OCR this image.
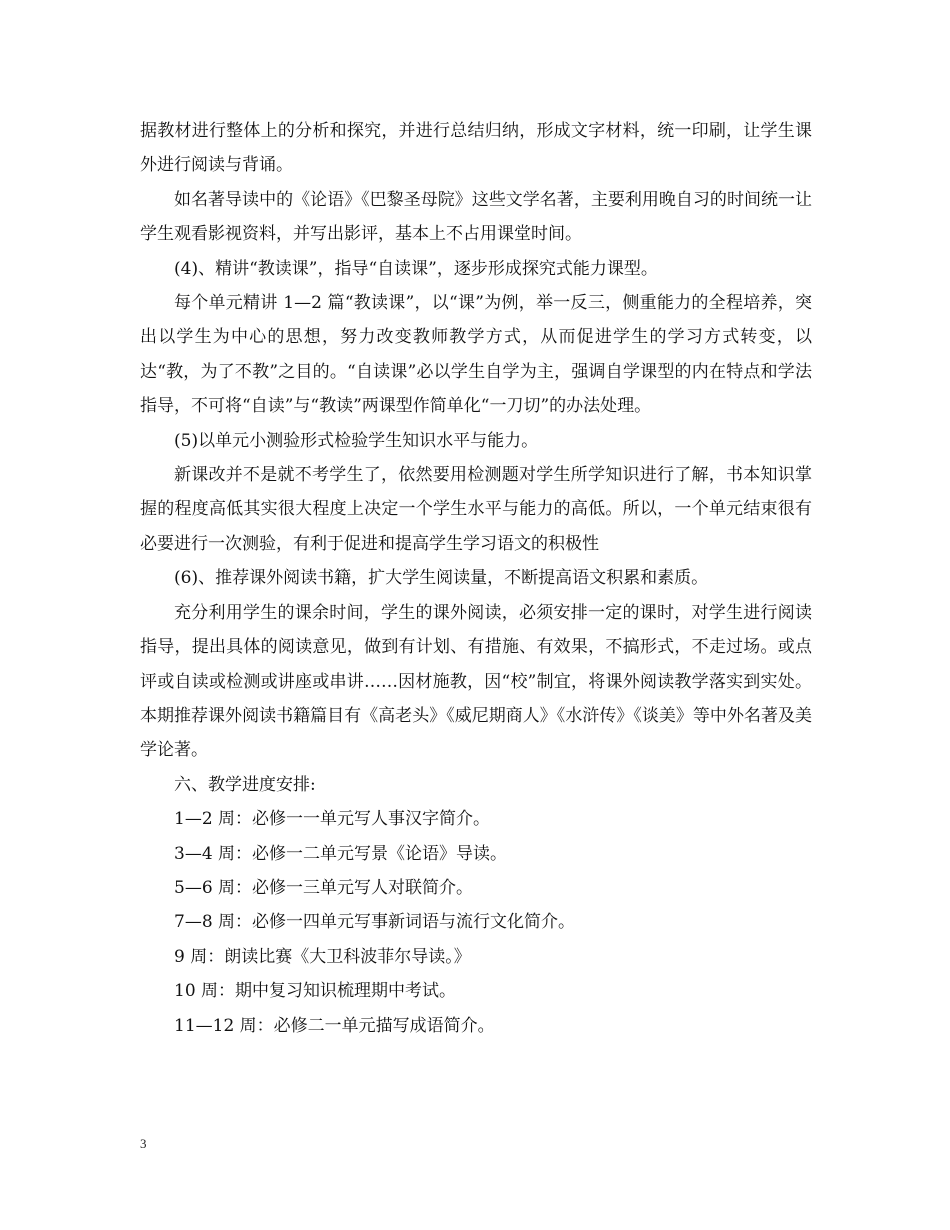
据教材进行整体上的分析和探究，并进行总结归纳，形成文字材料，统一印刷，让学生课外进行阅读与背诵。

如名著导读中的《论语》《巴黎圣母院》这些文学名著，主要利用晚自习的时间统一让学生观看影视资料，并写出影评，基本上不占用课堂时间。

(4)、精讲“教读课”，指导“自读课”，逐步形成探究式能力课型。

每个单元精讲 1—2 篇“教读课”，以“课”为例，举一反三，侧重能力的全程培养，突出以学生为中心的思想，努力改变教师教学方式，从而促进学生的学习方式转变，以达“教，为了不教”之目的。“自读课”必以学生自学为主，强调自学课型的内在特点和学法指导，不可将“自读”与“教读”两课型作简单化“一刀切”的办法处理。

(5)以单元小测验形式检验学生知识水平与能力。

新课改并不是就不考学生了，依然要用检测题对学生所学知识进行了解，书本知识掌握的程度高低其实很大程度上决定一个学生水平与能力的高低。所以，一个单元结束很有必要进行一次测验，有利于促进和提高学生学习语文的积极性

(6)、推荐课外阅读书籍，扩大学生阅读量，不断提高语文积累和素质。

充分利用学生的课余时间，学生的课外阅读，必须安排一定的课时，对学生进行阅读指导，提出具体的阅读意见，做到有计划、有措施、有效果，不搞形式，不走过场。或点评或自读或检测或讲座或串讲……因材施教，因“校”制宜，将课外阅读教学落实到实处。本期推荐课外阅读书籍篇目有《高老头》《威尼期商人》《水浒传》《谈美》等中外名著及美学论著。

六、教学进度安排:

1—2 周：必修一一单元写人事汉字简介。

3—4 周：必修一二单元写景《论语》导读。

5—6 周：必修一三单元写人对联简介。

7—8 周：必修一四单元写事新词语与流行文化简介。

9 周：朗读比赛《大卫科波菲尔导读。》

10 周：期中复习知识梳理期中考试。

11—12 周：必修二一单元描写成语简介。

3
